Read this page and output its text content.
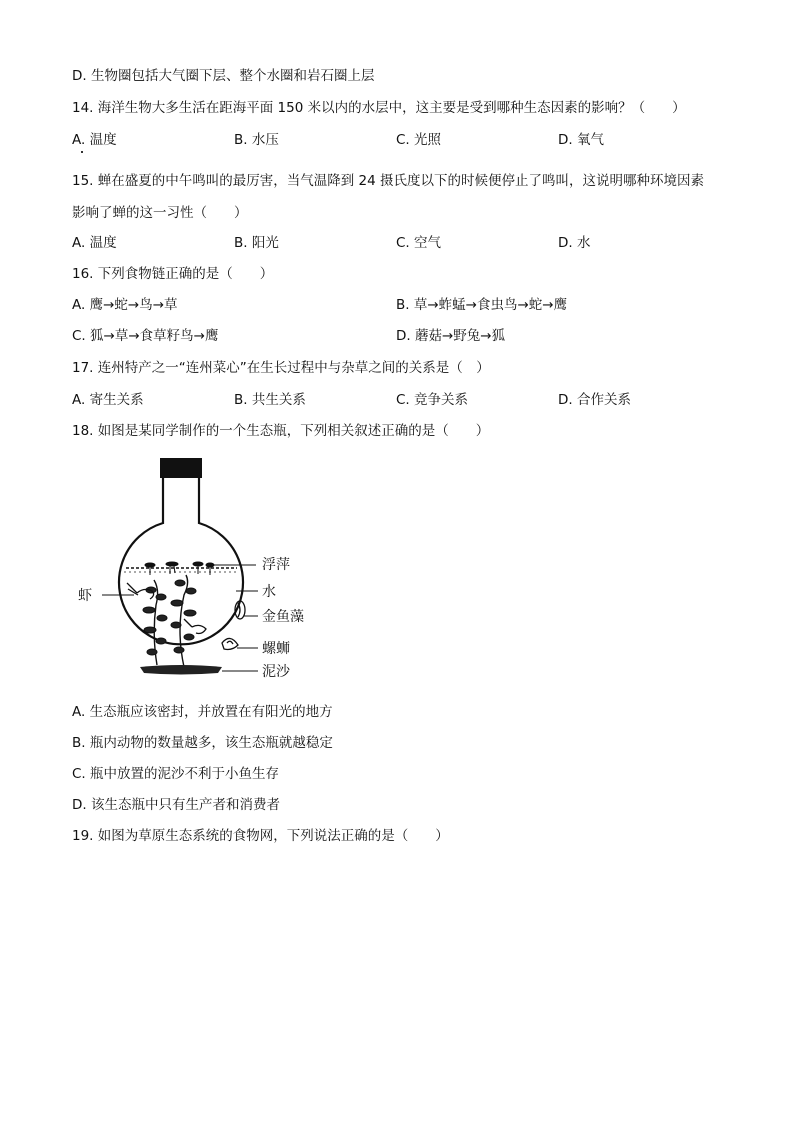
D. 生物圈包括大气圈下层、整个水圈和岩石圈上层
14. 海洋生物大多生活在距海平面 150 米以内的水层中，这主要是受到哪种生态因素的影响？（　　）
A. 温度	B. 水压	C. 光照	D. 氧气
15. 蝉在盛夏的中午鸣叫的最厉害，当气温降到 24 摄氏度以下的时候便停止了鸣叫，这说明哪种环境因素
影响了蝉的这一习性（　　）
A. 温度	B. 阳光	C. 空气	D. 水
16. 下列食物链正确的是（　　）
A. 鹰→蛇→鸟→草	B. 草→蚱蜢→食虫鸟→蛇→鹰
C. 狐→草→食草籽鸟→鹰	D. 蘑菇→野兔→狐
17. 连州特产之一“连州菜心”在生长过程中与杂草之间的关系是（　）
A. 寄生关系	B. 共生关系	C. 竞争关系	D. 合作关系
18. 如图是某同学制作的一个生态瓶，下列相关叙述正确的是（　　）
浮萍
水
虾
金鱼藻
螺蛳
泥沙
A. 生态瓶应该密封，并放置在有阳光的地方
B. 瓶内动物的数量越多，该生态瓶就越稳定
C. 瓶中放置的泥沙不利于小鱼生存
D. 该生态瓶中只有生产者和消费者
19. 如图为草原生态系统的食物网，下列说法正确的是（　　）
